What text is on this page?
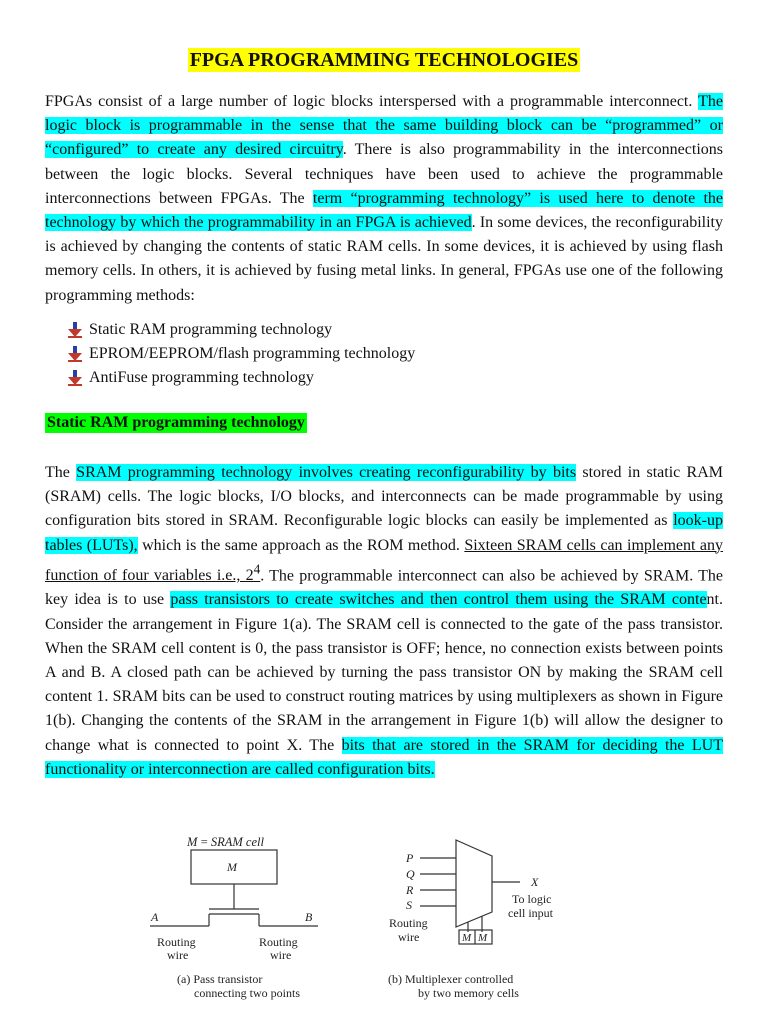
FPGA PROGRAMMING TECHNOLOGIES

FPGAs consist of a large number of logic blocks interspersed with a programmable interconnect. The logic block is programmable in the sense that the same building block can be “programmed” or “configured” to create any desired circuitry. There is also programmability in the interconnections between the logic blocks. Several techniques have been used to achieve the programmable interconnections between FPGAs. The term “programming technology” is used here to denote the technology by which the programmability in an FPGA is achieved. In some devices, the reconfigurability is achieved by changing the contents of static RAM cells. In some devices, it is achieved by using flash memory cells. In others, it is achieved by fusing metal links. In general, FPGAs use one of the following programming methods:

Static RAM programming technology
EPROM/EEPROM/flash programming technology
AntiFuse programming technology
Static RAM programming technology

The SRAM programming technology involves creating reconfigurability by bits stored in static RAM (SRAM) cells. The logic blocks, I/O blocks, and interconnects can be made programmable by using configuration bits stored in SRAM. Reconfigurable logic blocks can easily be implemented as look-up tables (LUTs), which is the same approach as the ROM method. Sixteen SRAM cells can implement any function of four variables i.e., $2^4$. The programmable interconnect can also be achieved by SRAM. The key idea is to use pass transistors to create switches and then control them using the SRAM content. Consider the arrangement in Figure 1(a). The SRAM cell is connected to the gate of the pass transistor. When the SRAM cell content is 0, the pass transistor is OFF; hence, no connection exists between points A and B. A closed path can be achieved by turning the pass transistor ON by making the SRAM cell content 1. SRAM bits can be used to construct routing matrices by using multiplexers as shown in Figure 1(b). Changing the contents of the SRAM in the arrangement in Figure 1(b) will allow the designer to change what is connected to point X. The bits that are stored in the SRAM for deciding the LUT functionality or interconnection are called configuration bits.

M = SRAM cell
M
A	B
Routing
wire
Routing
wire
(a) Pass transistor
connecting two points
P
Q
R
S
X
To logic
cell input
Routing
wire	M M
(b) Multiplexer controlled
by two memory cells
